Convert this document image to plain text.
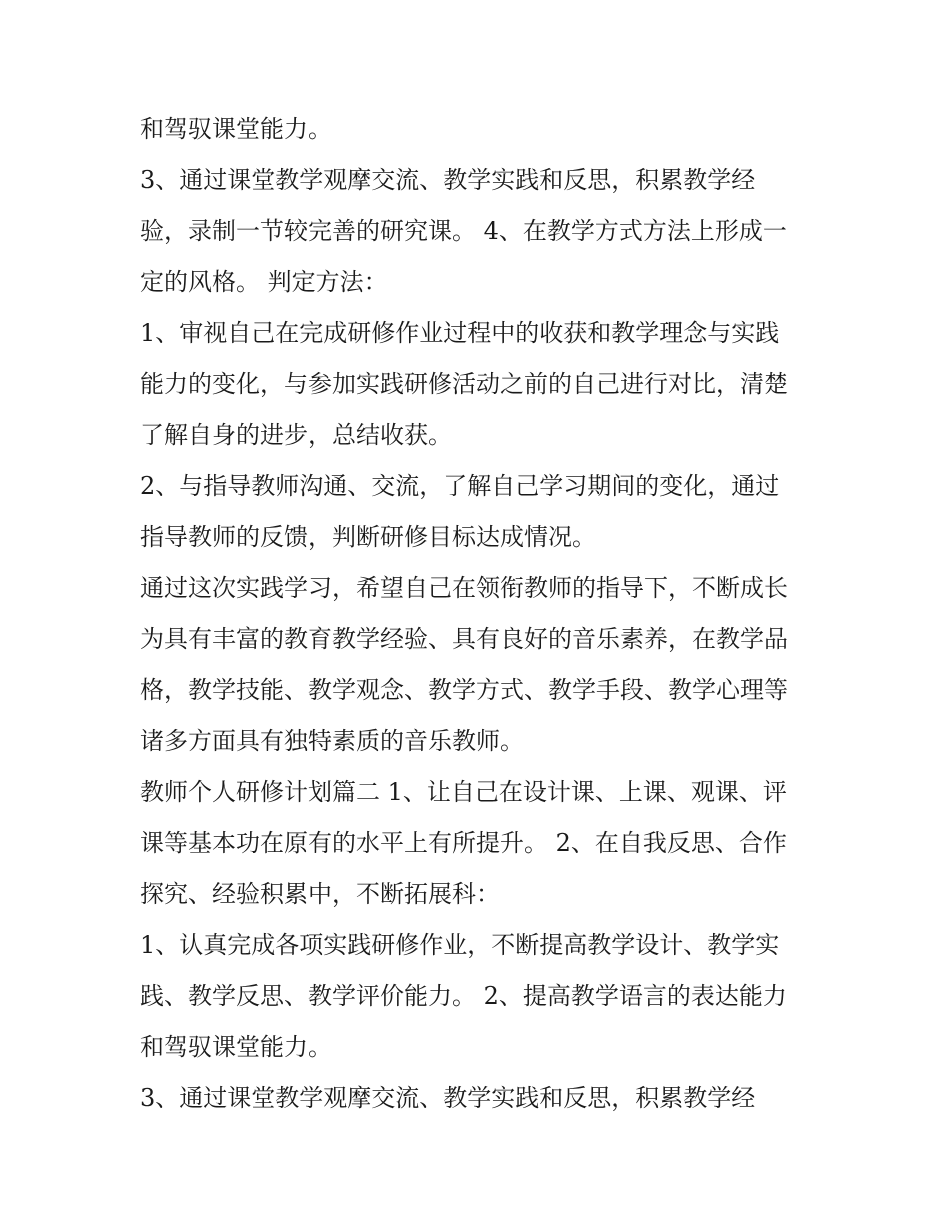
和驾驭课堂能力。
3、通过课堂教学观摩交流、教学实践和反思，积累教学经
验，录制一节较完善的研究课。 4、在教学方式方法上形成一
定的风格。 判定方法：
1、审视自己在完成研修作业过程中的收获和教学理念与实践
能力的变化，与参加实践研修活动之前的自己进行对比，清楚
了解自身的进步，总结收获。
2、与指导教师沟通、交流，了解自己学习期间的变化，通过
指导教师的反馈，判断研修目标达成情况。
通过这次实践学习，希望自己在领衔教师的指导下，不断成长
为具有丰富的教育教学经验、具有良好的音乐素养，在教学品
格，教学技能、教学观念、教学方式、教学手段、教学心理等
诸多方面具有独特素质的音乐教师。
教师个人研修计划篇二 1、让自己在设计课、上课、观课、评
课等基本功在原有的水平上有所提升。 2、在自我反思、合作
探究、经验积累中，不断拓展科：
1、认真完成各项实践研修作业，不断提高教学设计、教学实
践、教学反思、教学评价能力。 2、提高教学语言的表达能力
和驾驭课堂能力。
3、通过课堂教学观摩交流、教学实践和反思，积累教学经
